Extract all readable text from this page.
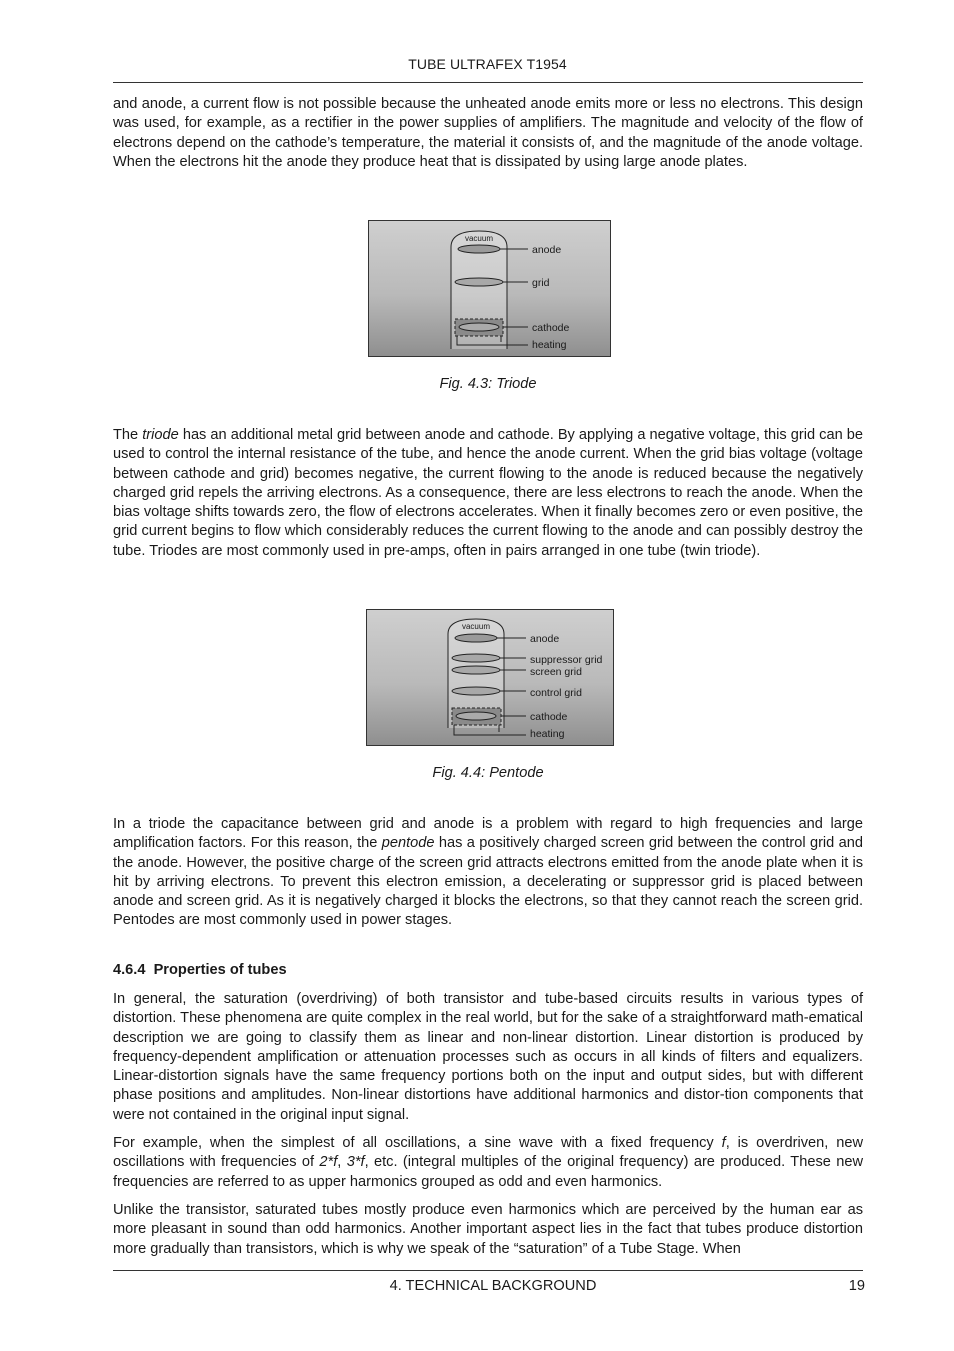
TUBE ULTRAFEX T1954

and anode, a current flow is not possible because the unheated anode emits more or less no electrons. This design was used, for example, as a rectifier in the power supplies of amplifiers. The magnitude and velocity of the flow of electrons depend on the cathode’s temperature, the material it consists of, and the magnitude of the anode voltage. When the electrons hit the anode they produce heat that is dissipated by using large anode plates.

vacuum
anode
grid
cathode
heating
Fig. 4.3: Triode

The triode has an additional metal grid between anode and cathode. By applying a negative voltage, this grid can be used to control the internal resistance of the tube, and hence the anode current. When the grid bias voltage (voltage between cathode and grid) becomes negative, the current flowing to the anode is reduced because the negatively charged grid repels the arriving electrons. As a consequence, there are less electrons to reach the anode. When the bias voltage shifts towards zero, the flow of electrons accelerates. When it finally becomes zero or even positive, the grid current begins to flow which considerably reduces the current flowing to the anode and can possibly destroy the tube. Triodes are most commonly used in pre-amps, often in pairs arranged in one tube (twin triode).

vacuum
anode
suppressor grid
screen grid
control grid
cathode
heating
Fig. 4.4: Pentode

In a triode the capacitance between grid and anode is a problem with regard to high frequencies and large amplification factors. For this reason, the pentode has a positively charged screen grid between the control grid and the anode. However, the positive charge of the screen grid attracts electrons emitted from the anode plate when it is hit by arriving electrons. To prevent this electron emission, a decelerating or suppressor grid is placed between anode and screen grid. As it is negatively charged it blocks the electrons, so that they cannot reach the screen grid. Pentodes are most commonly used in power stages.

4.6.4 Properties of tubes

In general, the saturation (overdriving) of both transistor and tube-based circuits results in various types of distortion. These phenomena are quite complex in the real world, but for the sake of a straightforward math-ematical description we are going to classify them as linear and non-linear distortion. Linear distortion is produced by frequency-dependent amplification or attenuation processes such as occurs in all kinds of filters and equalizers. Linear-distortion signals have the same frequency portions both on the input and output sides, but with different phase positions and amplitudes. Non-linear distortions have additional harmonics and distor-tion components that were not contained in the original input signal.

For example, when the simplest of all oscillations, a sine wave with a fixed frequency f, is overdriven, new oscillations with frequencies of 2*f, 3*f, etc. (integral multiples of the original frequency) are produced. These new frequencies are referred to as upper harmonics grouped as odd and even harmonics.

Unlike the transistor, saturated tubes mostly produce even harmonics which are perceived by the human ear as more pleasant in sound than odd harmonics. Another important aspect lies in the fact that tubes produce distortion more gradually than transistors, which is why we speak of the “saturation” of a Tube Stage. When

4. TECHNICAL BACKGROUND	19
